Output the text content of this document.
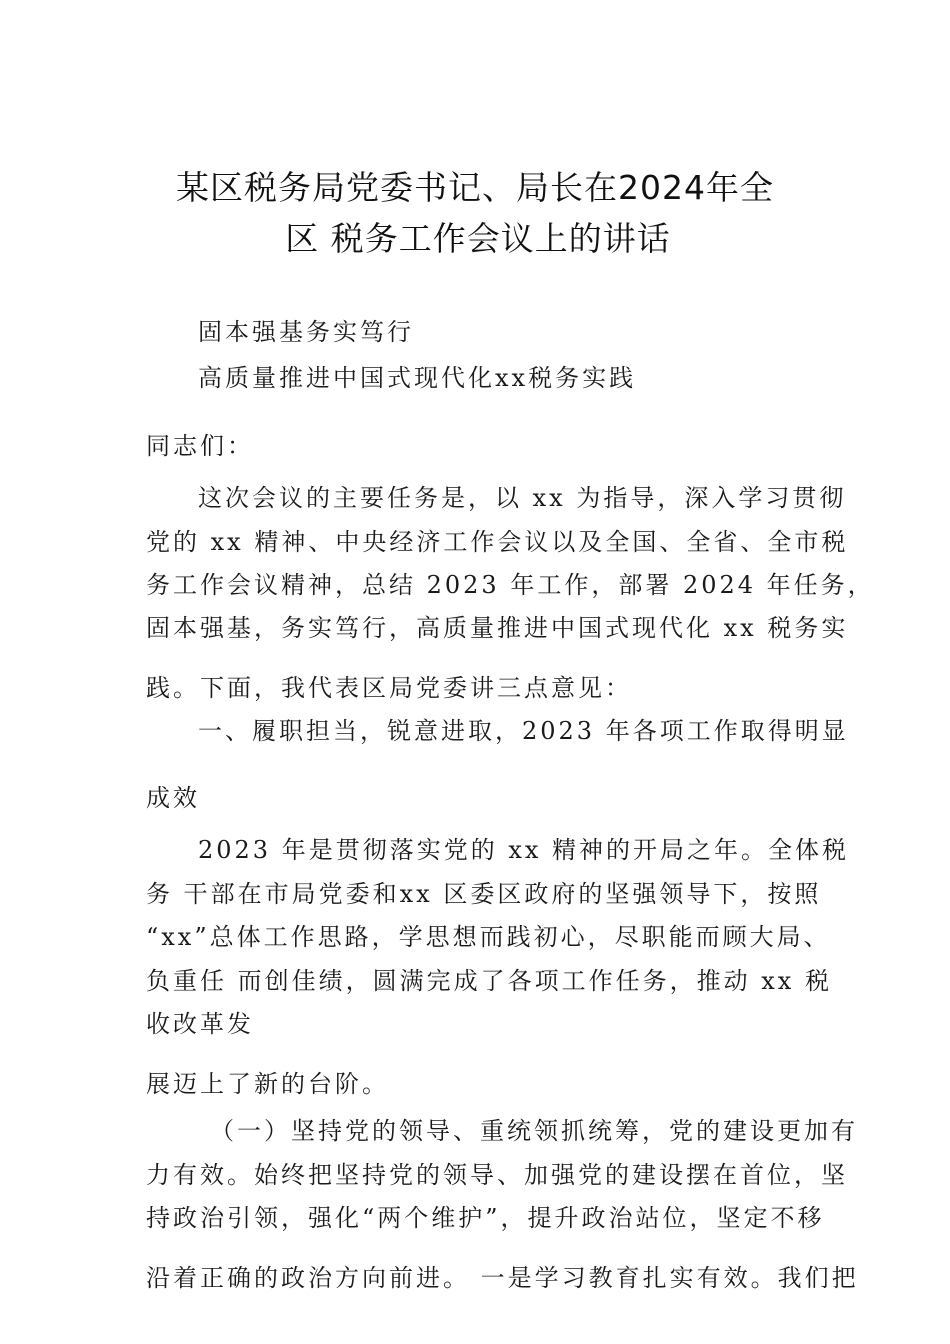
某区税务局党委书记、局长在2024年全
区 税务工作会议上的讲话
固本强基务实笃行
高质量推进中国式现代化xx税务实践
同志们：
这次会议的主要任务是，以 xx 为指导，深入学习贯彻
党的 xx 精神、中央经济工作会议以及全国、全省、全市税
务工作会议精神，总结 2023 年工作，部署 2024 年任务，
固本强基，务实笃行，高质量推进中国式现代化 xx 税务实
践。下面，我代表区局党委讲三点意见：
一、履职担当，锐意进取，2023 年各项工作取得明显
成效
2023 年是贯彻落实党的 xx 精神的开局之年。全体税
务 干部在市局党委和xx 区委区政府的坚强领导下，按照
“xx”总体工作思路，学思想而践初心，尽职能而顾大局、
负重任 而创佳绩，圆满完成了各项工作任务，推动 xx 税
收改革发
展迈上了新的台阶。
（一）坚持党的领导、重统领抓统筹，党的建设更加有
力有效。始终把坚持党的领导、加强党的建设摆在首位，坚
持政治引领，强化“两个维护”，提升政治站位，坚定不移
沿着正确的政治方向前进。 一是学习教育扎实有效。我们把
